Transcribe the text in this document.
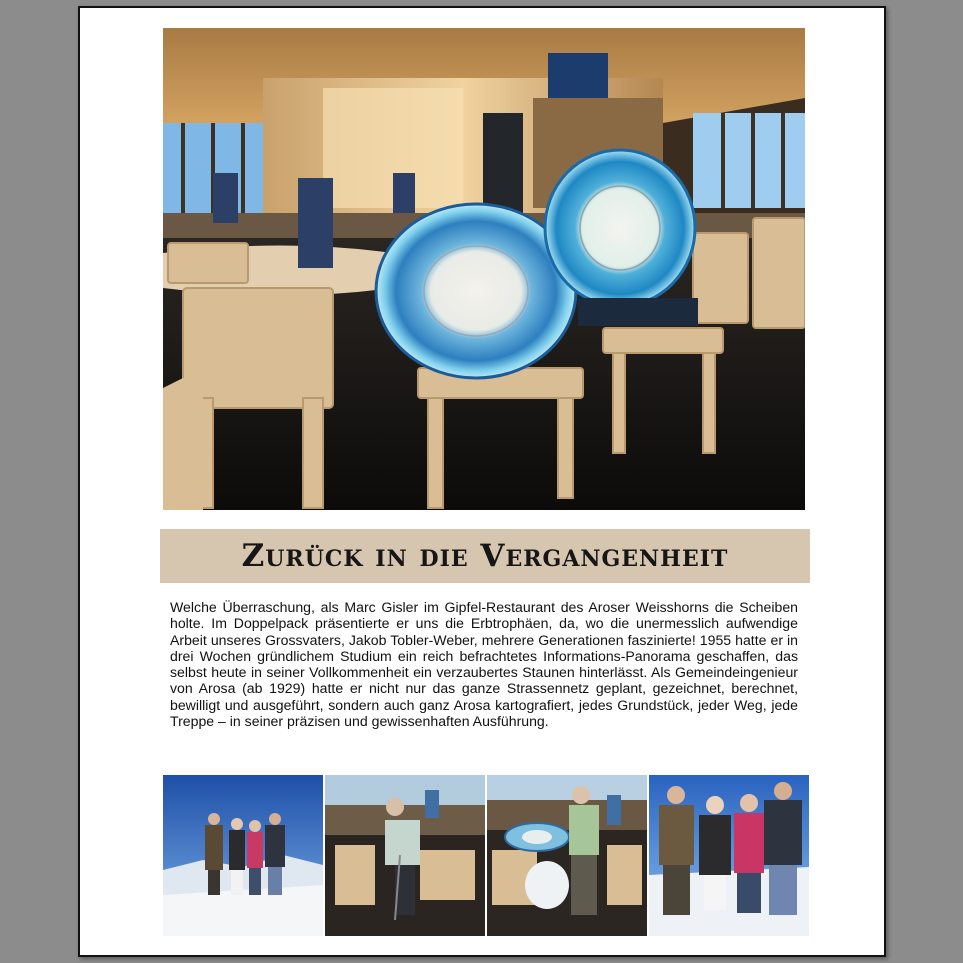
Zurück in die Vergangenheit

Welche Überraschung, als Marc Gisler im Gipfel-Restaurant des Aroser Weisshorns die Scheiben holte. Im Doppelpack präsentierte er uns die Erbtrophäen, da, wo die unermesslich aufwendige Arbeit unseres Grossvaters, Jakob Tobler-Weber, mehrere Generationen faszinierte! 1955 hatte er in drei Wochen gründlichem Studium ein reich befrachtetes Informations-Panorama geschaffen, das selbst heute in seiner Vollkommenheit ein verzaubertes Staunen hinterlässt. Als Gemeindeingenieur von Arosa (ab 1929) hatte er nicht nur das ganze Strassennetz geplant, gezeichnet, berechnet, bewilligt und ausgeführt, sondern auch ganz Arosa kartografiert, jedes Grundstück, jeder Weg, jede Treppe – in seiner präzisen und gewissenhaften Ausführung.
